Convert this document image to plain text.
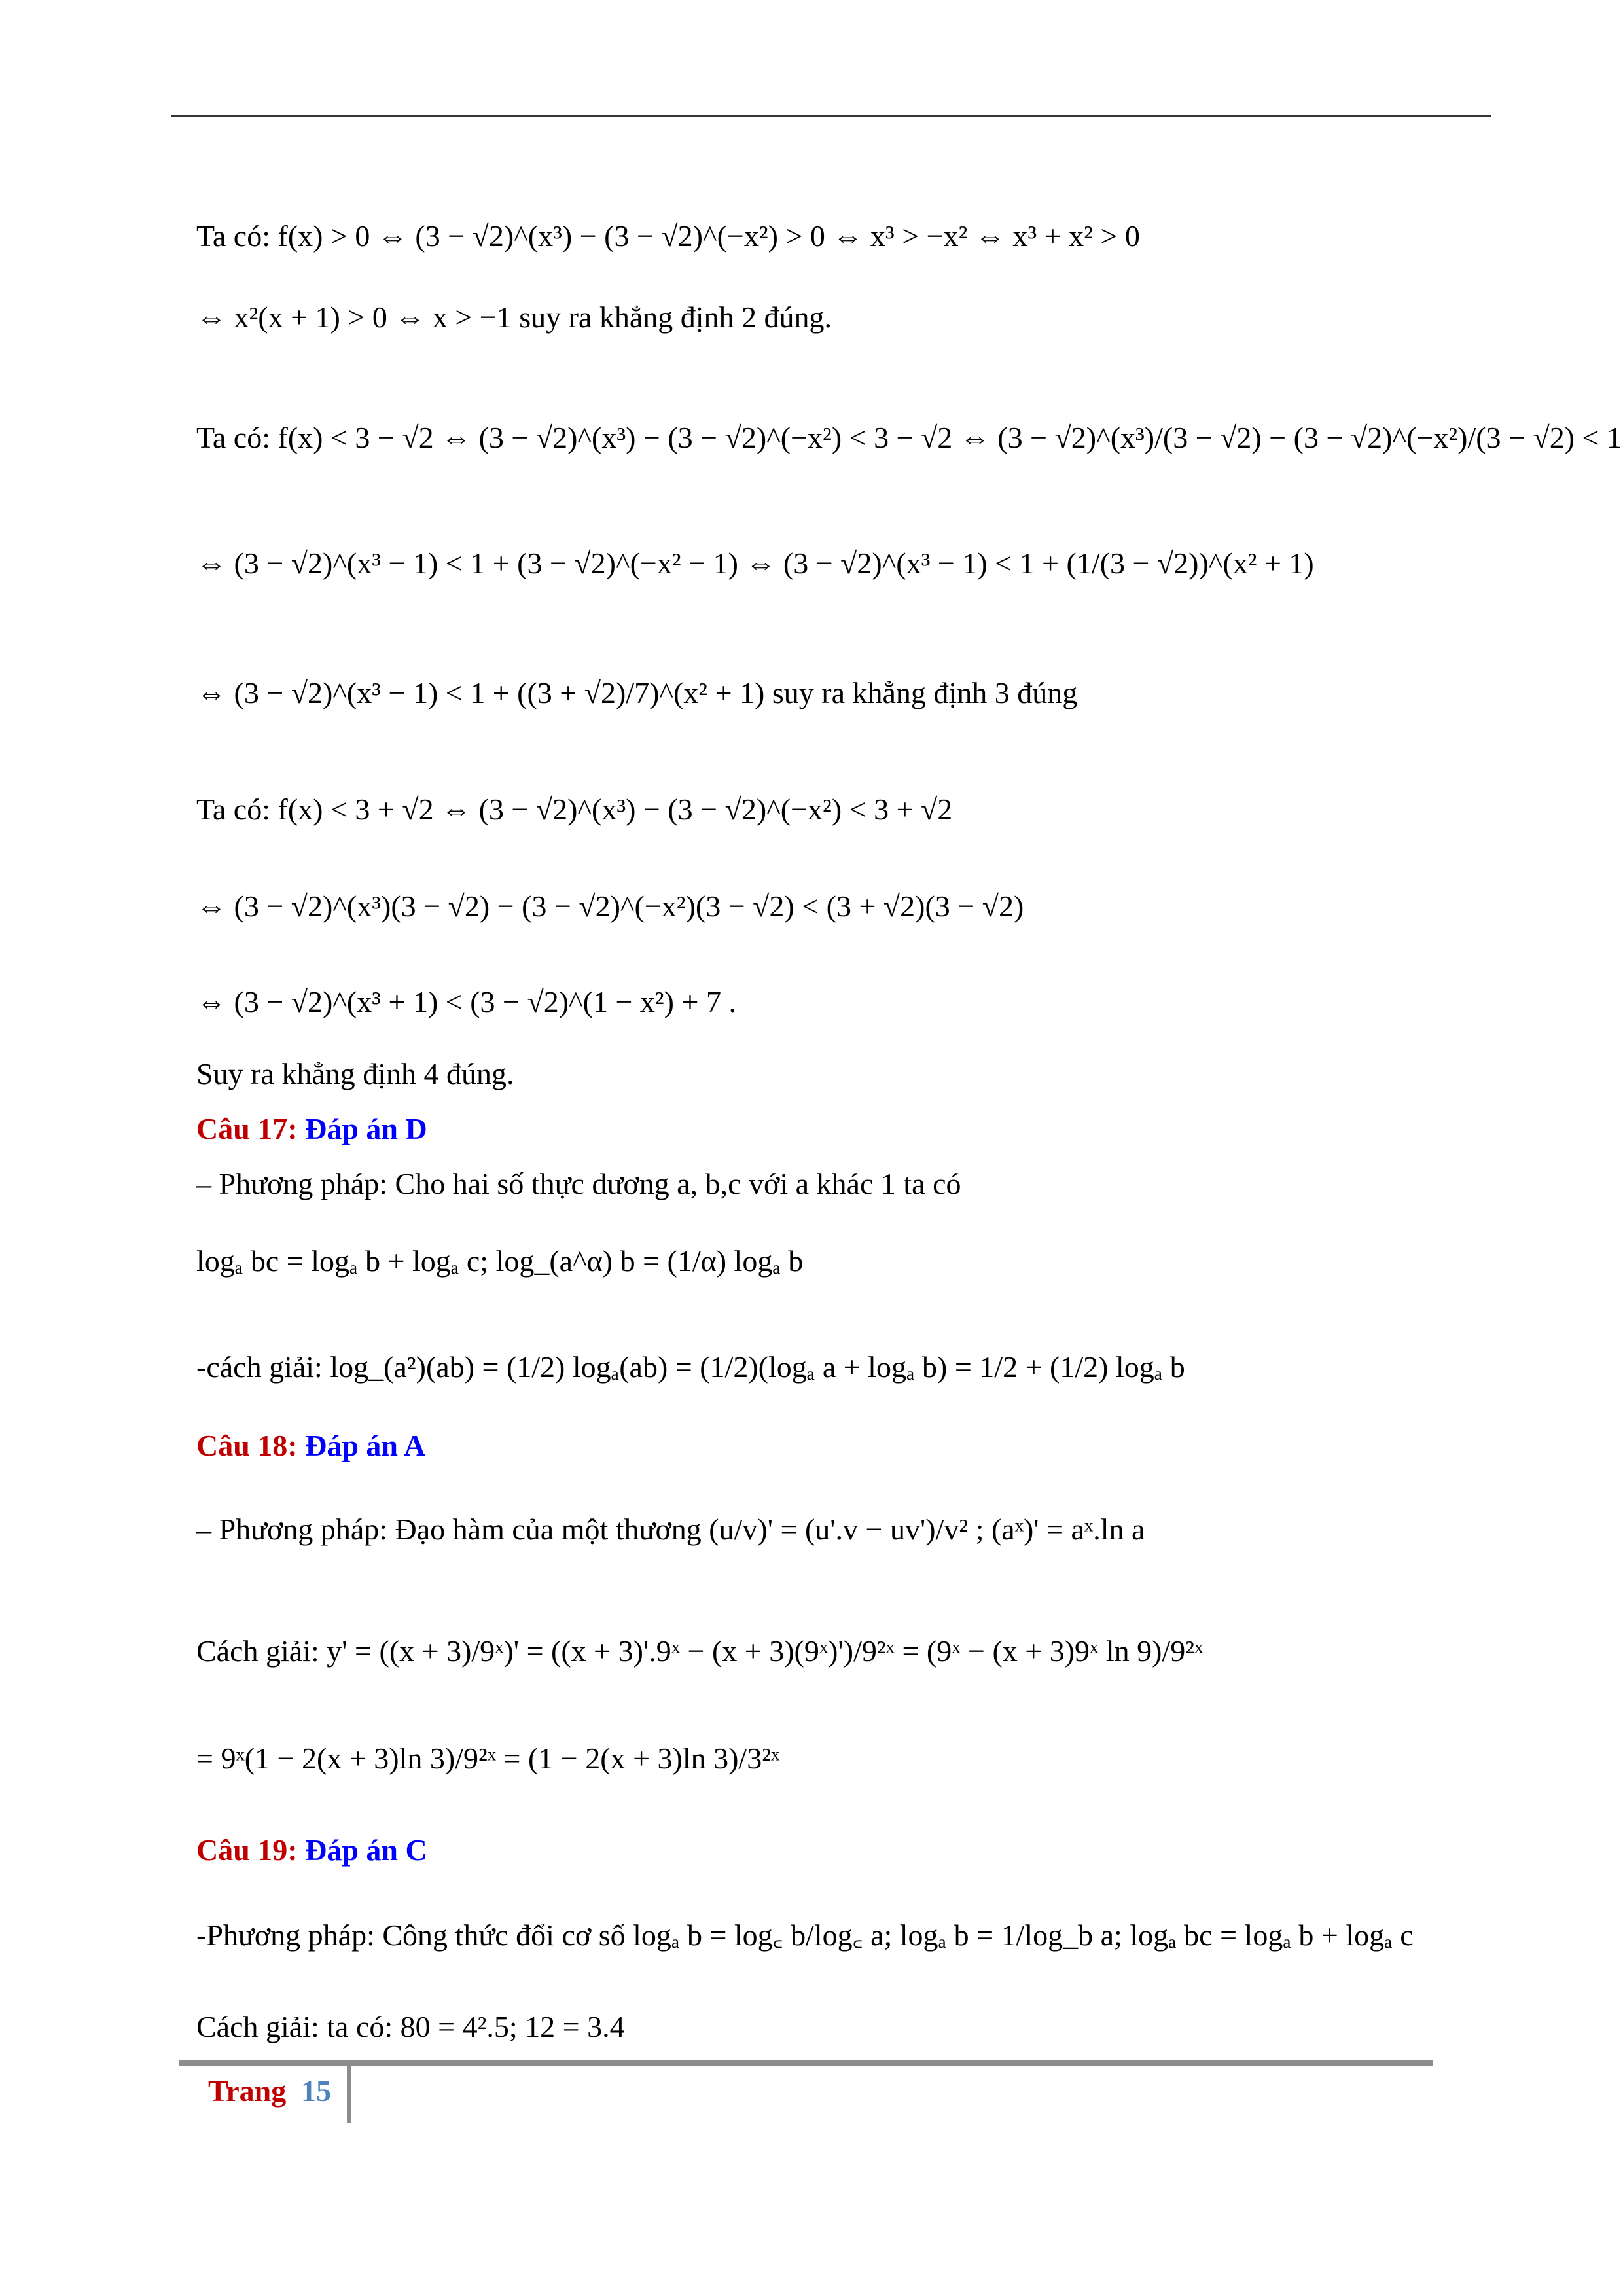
Ta có: f(x) > 0 ⇔ (3 − √2)^(x³) − (3 − √2)^(−x²) > 0 ⇔ x³ > −x² ⇔ x³ + x² > 0
⇔ x²(x + 1) > 0 ⇔ x > −1 suy ra khẳng định 2 đúng.
Ta có: f(x) < 3 − √2 ⇔ (3 − √2)^(x³) − (3 − √2)^(−x²) < 3 − √2 ⇔ (3 − √2)^(x³)/(3 − √2) − (3 − √2)^(−x²)/(3 − √2) < 1
⇔ (3 − √2)^(x³ − 1) < 1 + (3 − √2)^(−x² − 1) ⇔ (3 − √2)^(x³ − 1) < 1 + (1/(3 − √2))^(x² + 1)
⇔ (3 − √2)^(x³ − 1) < 1 + ((3 + √2)/7)^(x² + 1) suy ra khẳng định 3 đúng
Ta có: f(x) < 3 + √2 ⇔ (3 − √2)^(x³) − (3 − √2)^(−x²) < 3 + √2
⇔ (3 − √2)^(x³)(3 − √2) − (3 − √2)^(−x²)(3 − √2) < (3 + √2)(3 − √2)
⇔ (3 − √2)^(x³ + 1) < (3 − √2)^(1 − x²) + 7 .
Suy ra khẳng định 4 đúng.
Câu 17: Đáp án D
– Phương pháp: Cho hai số thực dương a, b,c với a khác 1 ta có
logₐ bc = logₐ b + logₐ c; log_(a^α) b = (1/α) logₐ b
-cách giải: log_(a²)(ab) = (1/2) logₐ(ab) = (1/2)(logₐ a + logₐ b) = 1/2 + (1/2) logₐ b
Câu 18: Đáp án A
– Phương pháp: Đạo hàm của một thương (u/v)' = (u'.v − uv')/v² ; (aˣ)' = aˣ.ln a
Cách giải: y' = ((x + 3)/9ˣ)' = ((x + 3)'.9ˣ − (x + 3)(9ˣ)')/9²ˣ = (9ˣ − (x + 3)9ˣ ln 9)/9²ˣ
= 9ˣ(1 − 2(x + 3)ln 3)/9²ˣ = (1 − 2(x + 3)ln 3)/3²ˣ
Câu 19: Đáp án C
-Phương pháp: Công thức đổi cơ số logₐ b = log꜀ b/log꜀ a; logₐ b = 1/log_b a; logₐ bc = logₐ b + logₐ c
Cách giải: ta có: 80 = 4².5; 12 = 3.4
Trang 15
